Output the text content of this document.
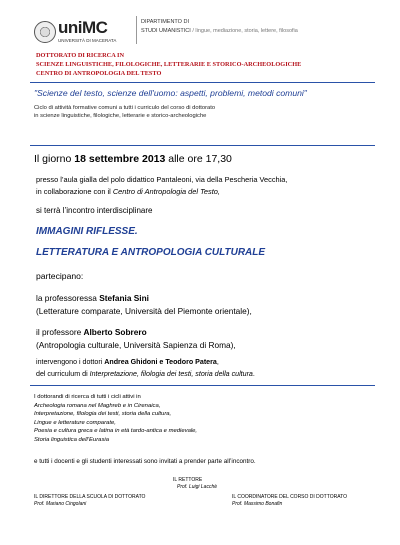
uniMC
UNIVERSITÀ DI MACERATA
DIPARTIMENTO DI
STUDI UMANISTICI / lingue, mediazione, storia, lettere, filosofia
DOTTORATO DI RICERCA IN
SCIENZE LINGUISTICHE, FILOLOGICHE, LETTERARIE E STORICO-ARCHEOLOGICHE
CENTRO DI ANTROPOLOGIA DEL TESTO
"Scienze del testo, scienze dell'uomo: aspetti, problemi, metodi comuni"
Ciclo di attività formative comuni a tutti i curriculo del corso di dottorato
in scienze linguistiche, filologiche, letterarie e storico-archeologiche
Il giorno 18 settembre 2013 alle ore 17,30
presso l’aula gialla del polo didattico Pantaleoni, via della Pescheria Vecchia,
in collaborazione con il Centro di Antropologia del Testo,
si terrà l’incontro interdisciplinare
IMMAGINI RIFLESSE.
LETTERATURA E ANTROPOLOGIA CULTURALE
partecipano:
la professoressa Stefania Sini
(Letterature comparate, Università del Piemonte orientale),
il professore Alberto Sobrero
(Antropologia culturale, Università Sapienza di Roma),
intervengono i dottori Andrea Ghidoni e Teodoro Patera,
del curriculum di Interpretazione, filologia dei testi, storia della cultura.
I dottorandi di ricerca di tutti i cicli attivi in
Archeologia romana nel Maghreb e in Cirenaica,
Interpretazione, filologia dei testi, storia della cultura,
Lingue e letterature comparate,
Poesia e cultura greca e latina in età tardo-antica e medievale,
Storia linguistica dell’Eurasia
e tutti i docenti e gli studenti interessati sono invitati a prender parte all’incontro.
IL RETTORE
Prof. Luigi Lacchè
IL DIRETTORE DELLA SCUOLA DI DOTTORATO
Prof. Mariano Cingolani
IL COORDINATORE DEL CORSO DI DOTTORATO
Prof. Massimo Bonafin
